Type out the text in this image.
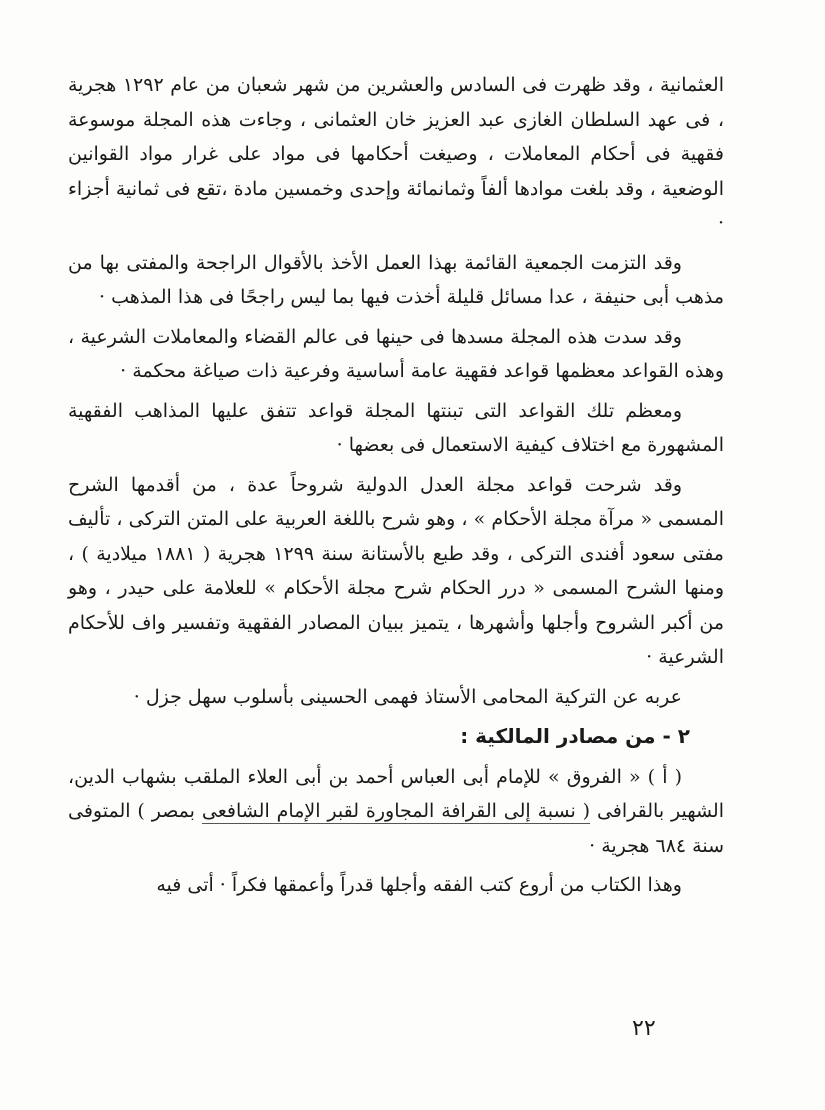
العثمانية ، وقد ظهرت فى السادس والعشرين من شهر شعبان من عام ١٢٩٢ هجرية ، فى عهد السلطان الغازى عبد العزيز خان العثمانى ، وجاءت هذه المجلة موسوعة فقهية فى أحكام المعاملات ، وصيغت أحكامها فى مواد على غرار مواد القوانين الوضعية ، وقد بلغت موادها ألفاً وثمانمائة وإحدى وخمسين مادة ،تقع فى ثمانية أجزاء ·

وقد التزمت الجمعية القائمة بهذا العمل الأخذ بالأقوال الراجحة والمفتى بها من مذهب أبى حنيفة ، عدا مسائل قليلة أخذت فيها بما ليس راجحًا فى هذا المذهب ·

وقد سدت هذه المجلة مسدها فى حينها فى عالم القضاء والمعاملات الشرعية ، وهذه القواعد معظمها قواعد فقهية عامة أساسية وفرعية ذات صياغة محكمة ·

ومعظم تلك القواعد التى تبنتها المجلة قواعد تتفق عليها المذاهب الفقهية المشهورة مع اختلاف كيفية الاستعمال فى بعضها ·

وقد شرحت قواعد مجلة العدل الدولية شروحاً عدة ، من أقدمها الشرح المسمى « مرآة مجلة الأحكام » ، وهو شرح باللغة العربية على المتن التركى ، تأليف مفتى سعود أفندى التركى ، وقد طبع بالأستانة سنة ١٢٩٩ هجرية ( ١٨٨١ ميلادية ) ، ومنها الشرح المسمى « درر الحكام شرح مجلة الأحكام » للعلامة على حيدر ، وهو من أكبر الشروح وأجلها وأشهرها ، يتميز ببيان المصادر الفقهية وتفسير واف للأحكام الشرعية ·

عربه عن التركية المحامى الأستاذ فهمى الحسينى بأسلوب سهل جزل ·

٢ - من مصادر المالكية :

( أ ) « الفروق » للإمام أبى العباس أحمد بن أبى العلاء الملقب بشهاب الدين، الشهير بالقرافى ( نسبة إلى القرافة المجاورة لقبر الإمام الشافعى بمصر ) المتوفى سنة ٦٨٤ هجرية ·

وهذا الكتاب من أروع كتب الفقه وأجلها قدراً وأعمقها فكراً · أتى فيه

٢٢
